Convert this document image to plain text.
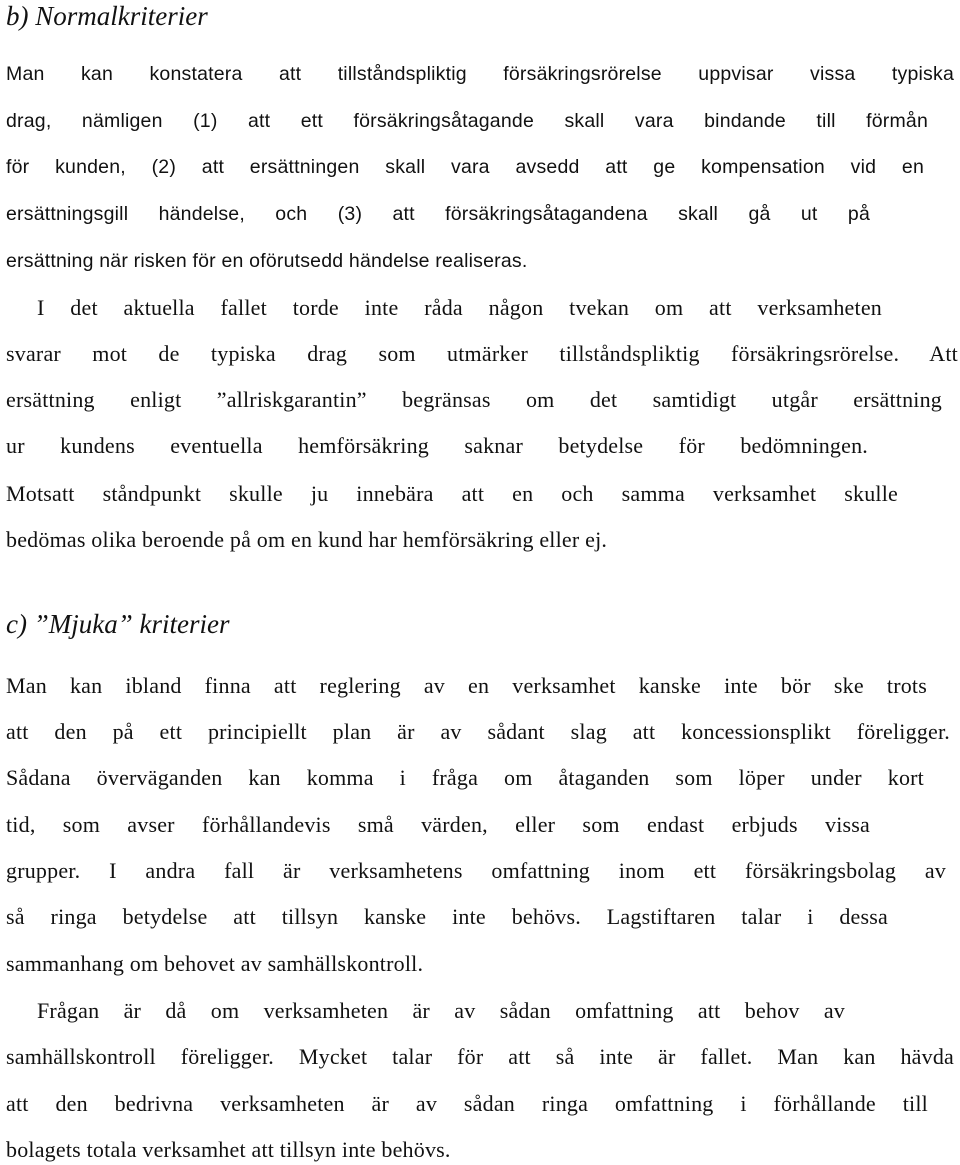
b) Normalkriterier

Man kan konstatera att tillståndspliktig försäkringsrörelse uppvisar vissa typiska

drag, nämligen (1) att ett försäkringsåtagande skall vara bindande till förmån

för kunden, (2) att ersättningen skall vara avsedd att ge kompensation vid en

ersättningsgill händelse, och (3) att försäkringsåtagandena skall gå ut på

ersättning när risken för en oförutsedd händelse realiseras.

I det aktuella fallet torde inte råda någon tvekan om att verksamheten

svarar mot de typiska drag som utmärker tillståndspliktig försäkringsrörelse. Att

ersättning enligt ”allriskgarantin” begränsas om det samtidigt utgår ersättning

ur kundens eventuella hemförsäkring saknar betydelse för bedömningen.

Motsatt ståndpunkt skulle ju innebära att en och samma verksamhet skulle

bedömas olika beroende på om en kund har hemförsäkring eller ej.

c) ”Mjuka” kriterier

Man kan ibland finna att reglering av en verksamhet kanske inte bör ske trots

att den på ett principiellt plan är av sådant slag att koncessionsplikt föreligger.

Sådana överväganden kan komma i fråga om åtaganden som löper under kort

tid, som avser förhållandevis små värden, eller som endast erbjuds vissa

grupper. I andra fall är verksamhetens omfattning inom ett försäkringsbolag av

så ringa betydelse att tillsyn kanske inte behövs. Lagstiftaren talar i dessa

sammanhang om behovet av samhällskontroll.

Frågan är då om verksamheten är av sådan omfattning att behov av

samhällskontroll föreligger. Mycket talar för att så inte är fallet. Man kan hävda

att den bedrivna verksamheten är av sådan ringa omfattning i förhållande till

bolagets totala verksamhet att tillsyn inte behövs.
